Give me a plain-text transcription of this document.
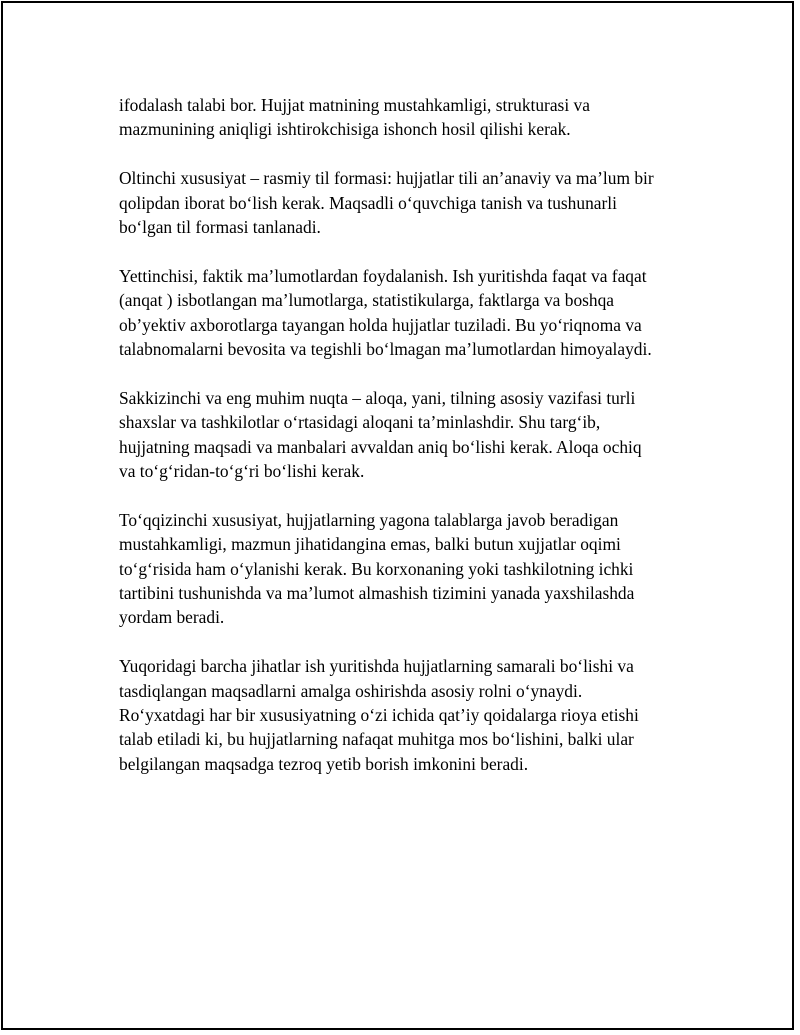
ifodalash talabi bor. Hujjat matnining mustahkamligi, strukturasi va
mazmunining aniqligi ishtirokchisiga ishonch hosil qilishi kerak.

Oltinchi xususiyat – rasmiy til formasi: hujjatlar tili an’anaviy va ma’lum bir
qolipdan iborat bo‘lish kerak. Maqsadli o‘quvchiga tanish va tushunarli
bo‘lgan til formasi tanlanadi.

Yettinchisi, faktik ma’lumotlardan foydalanish. Ish yuritishda faqat va faqat
(anqat ) isbotlangan ma’lumotlarga, statistikularga, faktlarga va boshqa
ob’yektiv axborotlarga tayangan holda hujjatlar tuziladi. Bu yo‘riqnoma va
talabnomalarni bevosita va tegishli bo‘lmagan ma’lumotlardan himoyalaydi.

Sakkizinchi va eng muhim nuqta – aloqa, yani, tilning asosiy vazifasi turli
shaxslar va tashkilotlar o‘rtasidagi aloqani ta’minlashdir. Shu targ‘ib,
hujjatning maqsadi va manbalari avvaldan aniq bo‘lishi kerak. Aloqa ochiq
va to‘g‘ridan-to‘g‘ri bo‘lishi kerak.

To‘qqizinchi xususiyat, hujjatlarning yagona talablarga javob beradigan
mustahkamligi, mazmun jihatidangina emas, balki butun xujjatlar oqimi
to‘g‘risida ham o‘ylanishi kerak. Bu korxonaning yoki tashkilotning ichki
tartibini tushunishda va ma’lumot almashish tizimini yanada yaxshilashda
yordam beradi.

Yuqoridagi barcha jihatlar ish yuritishda hujjatlarning samarali bo‘lishi va
tasdiqlangan maqsadlarni amalga oshirishda asosiy rolni o‘ynaydi.
Ro‘yxatdagi har bir xususiyatning o‘zi ichida qat’iy qoidalarga rioya etishi
talab etiladi ki, bu hujjatlarning nafaqat muhitga mos bo‘lishini, balki ular
belgilangan maqsadga tezroq yetib borish imkonini beradi.
